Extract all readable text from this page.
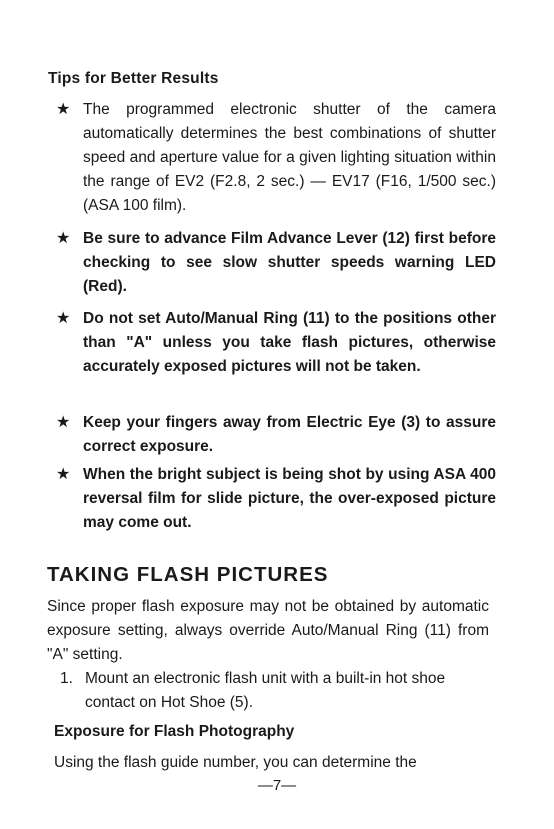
Tips for Better Results
★ The programmed electronic shutter of the camera automatically determines the best combinations of shutter speed and aperture value for a given lighting situation within the range of EV2 (F2.8, 2 sec.) — EV17 (F16, 1/500 sec.) (ASA 100 film).
★ Be sure to advance Film Advance Lever (12) first before checking to see slow shutter speeds warning LED (Red).
★ Do not set Auto/Manual Ring (11) to the positions other than "A" unless you take flash pictures, otherwise accurately exposed pictures will not be taken.
★ Keep your fingers away from Electric Eye (3) to assure correct exposure.
★ When the bright subject is being shot by using ASA 400 reversal film for slide picture, the over-exposed picture may come out.
TAKING FLASH PICTURES
Since proper flash exposure may not be obtained by automatic exposure setting, always override Auto/Manual Ring (11) from "A" setting.
1. Mount an electronic flash unit with a built-in hot shoe contact on Hot Shoe (5).
Exposure for Flash Photography
Using the flash guide number, you can determine the
—7—
